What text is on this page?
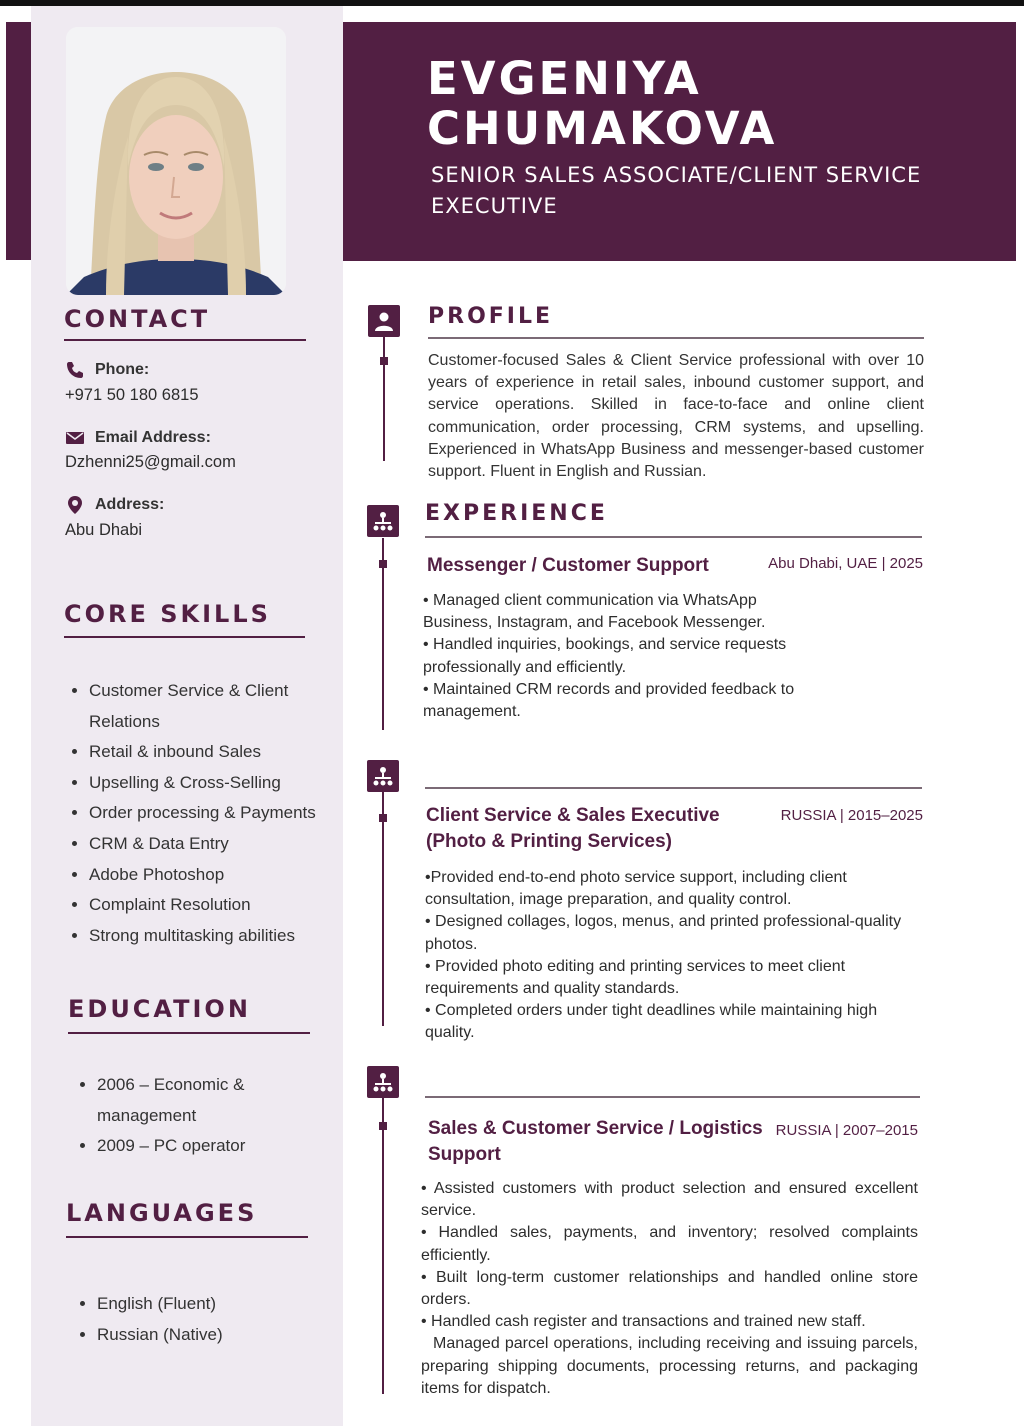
EVGENIYA
CHUMAKOVA

SENIOR SALES ASSOCIATE/CLIENT SERVICE EXECUTIVE

CONTACT
Phone:
+971 50 180 6815
Email Address:
Dzhenni25@gmail.com
Address:
Abu Dhabi
CORE SKILLS
• Customer Service & Client Relations
• Retail & inbound Sales
• Upselling & Cross-Selling
• Order processing & Payments
• CRM & Data Entry
• Adobe Photoshop
• Complaint Resolution
• Strong multitasking abilities
EDUCATION
• 2006 – Economic & management
• 2009 – PC operator
LANGUAGES
• English (Fluent)
• Russian (Native)
PROFILE

Customer-focused Sales & Client Service professional with over 10 years of experience in retail sales, inbound customer support, and service operations. Skilled in face-to-face and online client communication, order processing, CRM systems, and upselling. Experienced in WhatsApp Business and messenger-based customer support. Fluent in English and Russian.

EXPERIENCE
Messenger / Customer Support	Abu Dhabi, UAE | 2025

• Managed client communication via WhatsApp Business, Instagram, and Facebook Messenger.

• Handled inquiries, bookings, and service requests professionally and efficiently.

• Maintained CRM records and provided feedback to management.

Client Service & Sales Executive (Photo & Printing Services)
RUSSIA | 2015–2025

•Provided end-to-end photo service support, including client consultation, image preparation, and quality control.

• Designed collages, logos, menus, and printed professional-quality photos.

• Provided photo editing and printing services to meet client requirements and quality standards.

• Completed orders under tight deadlines while maintaining high quality.

Sales & Customer Service / Logistics Support
RUSSIA | 2007–2015

• Assisted customers with product selection and ensured excellent service.

• Handled sales, payments, and inventory; resolved complaints efficiently.

• Built long-term customer relationships and handled online store orders.

• Handled cash register and transactions and trained new staff.

Managed parcel operations, including receiving and issuing parcels, preparing shipping documents, processing returns, and packaging items for dispatch.
